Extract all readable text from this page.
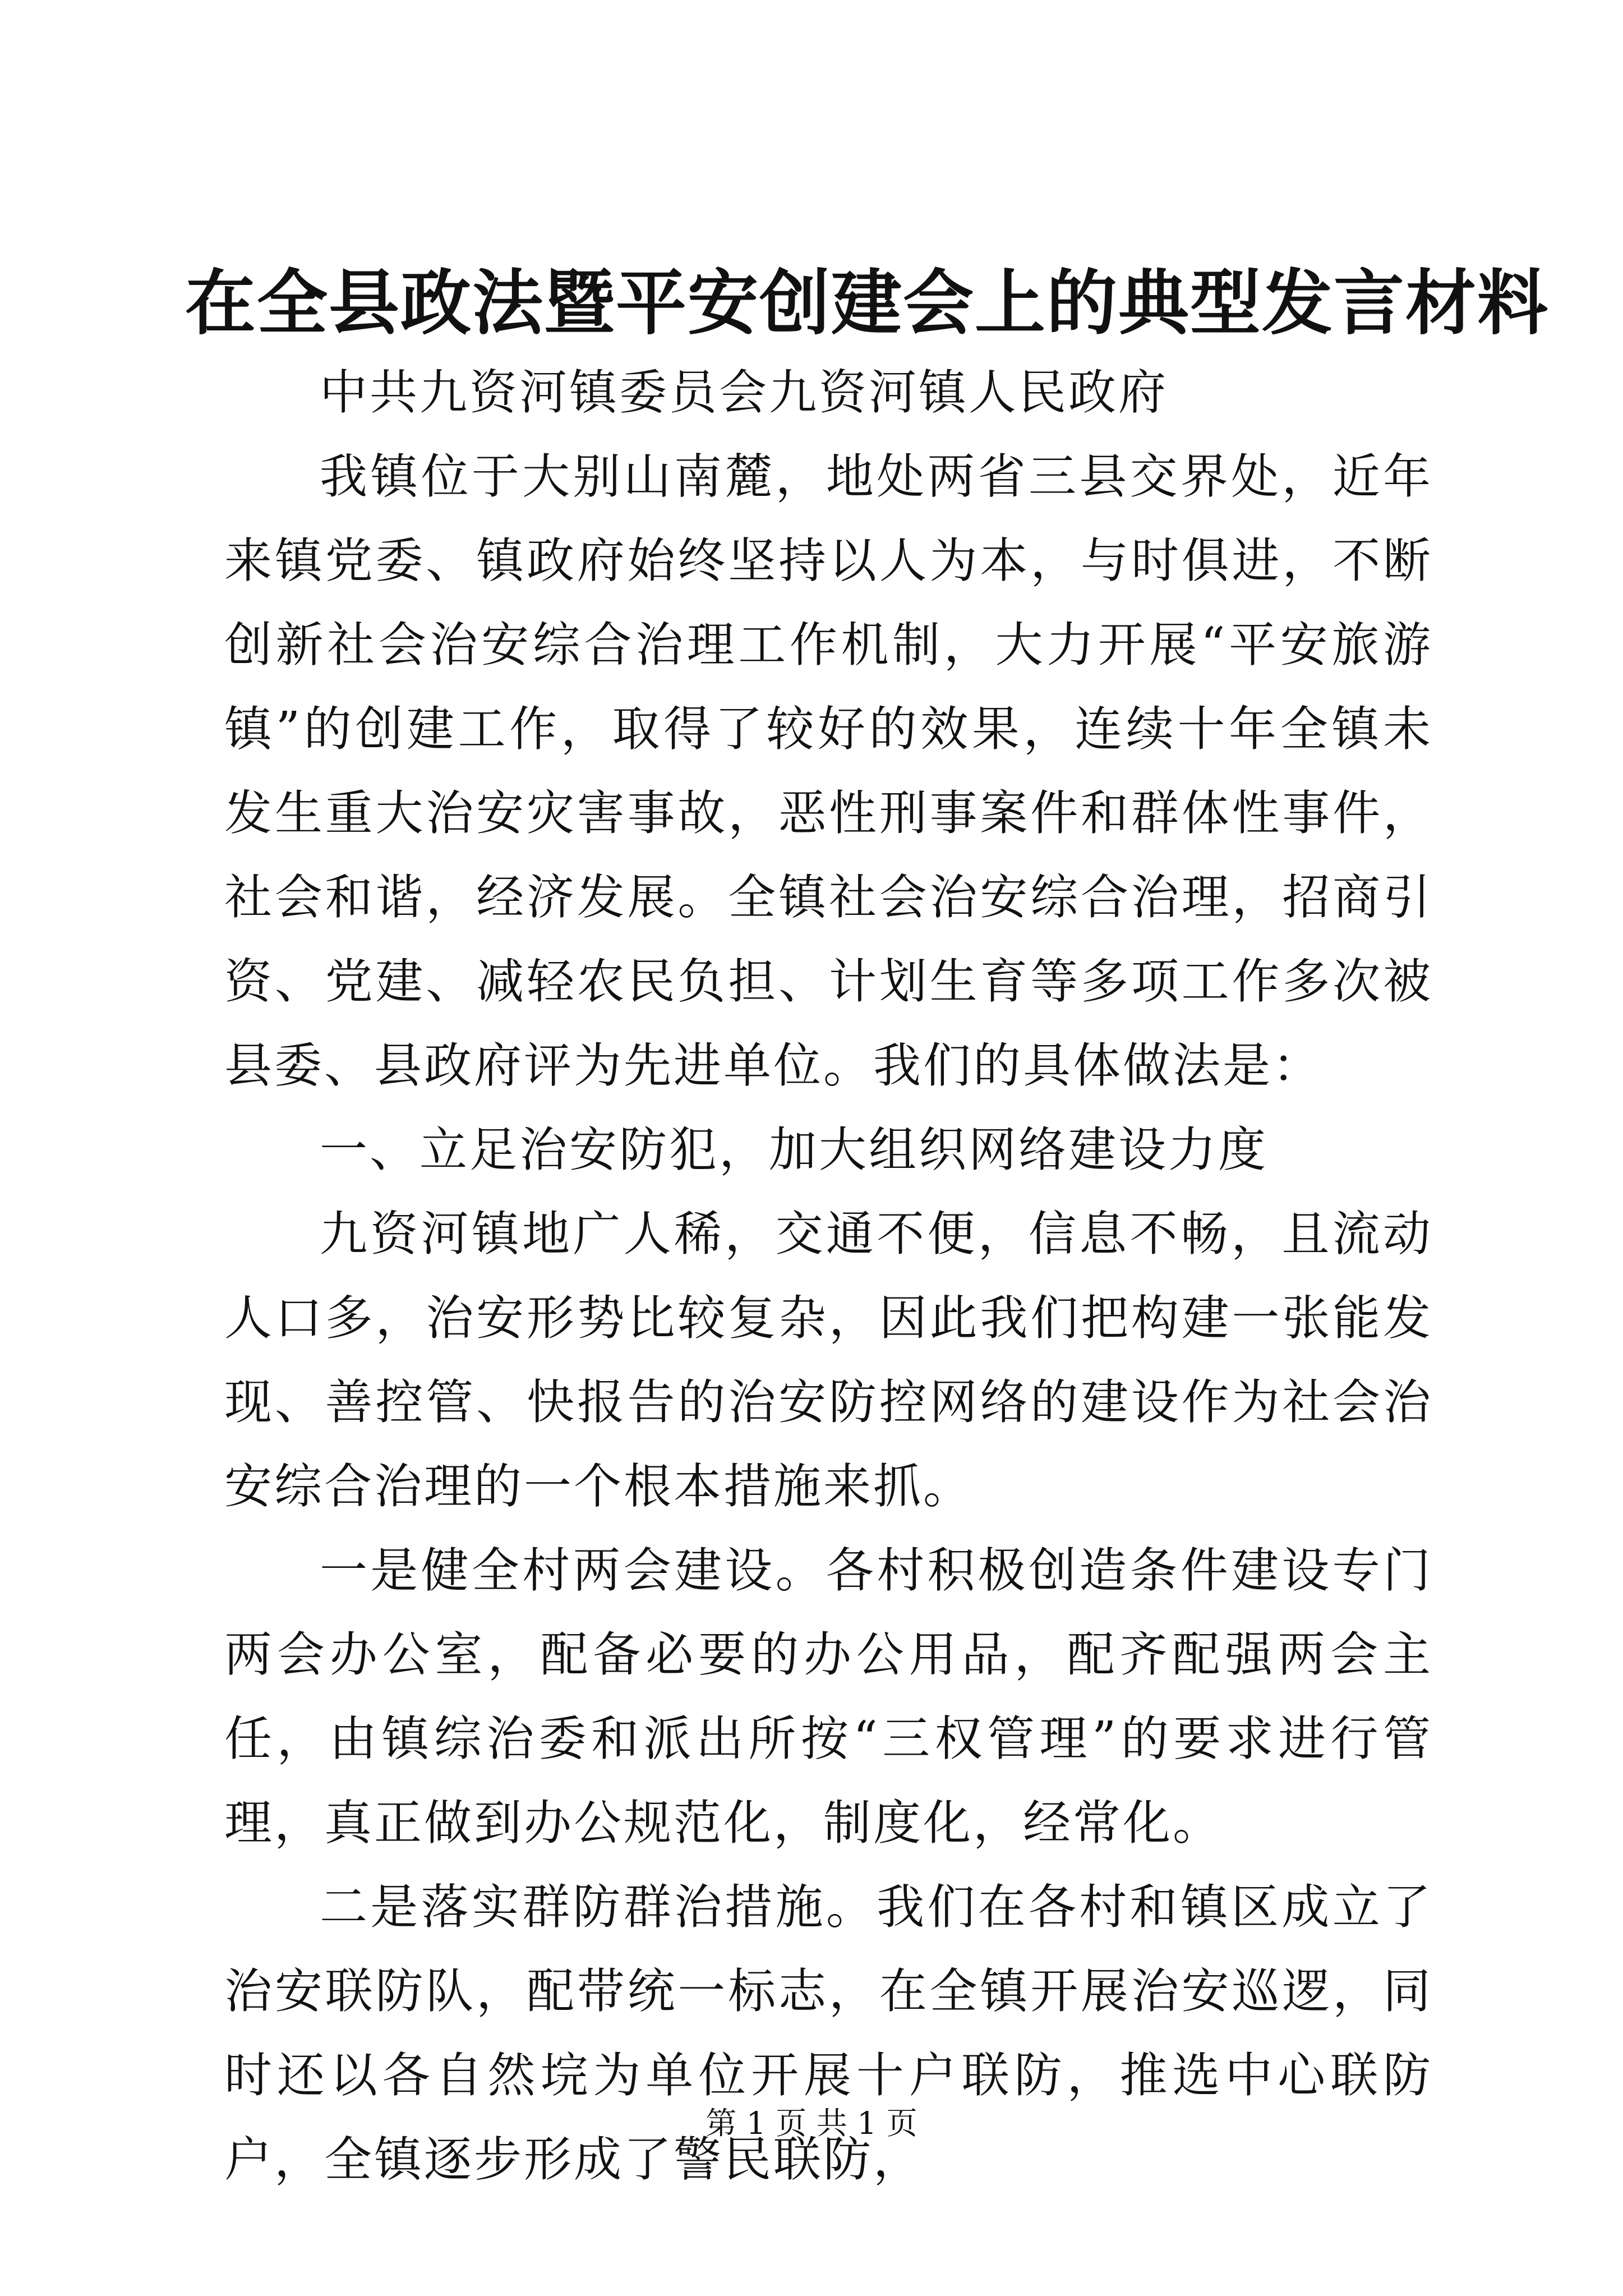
在全县政法暨平安创建会上的典型发言材料

中共九资河镇委员会九资河镇人民政府

我镇位于大别山南麓，地处两省三县交界处，近年来镇党委、镇政府始终坚持以人为本，与时俱进，不断创新社会治安综合治理工作机制，大力开展“平安旅游镇”的创建工作，取得了较好的效果，连续十年全镇未发生重大治安灾害事故，恶性刑事案件和群体性事件，社会和谐，经济发展。全镇社会治安综合治理，招商引资、党建、减轻农民负担、计划生育等多项工作多次被县委、县政府评为先进单位。我们的具体做法是：

一、立足治安防犯，加大组织网络建设力度

九资河镇地广人稀，交通不便，信息不畅，且流动人口多，治安形势比较复杂，因此我们把构建一张能发现、善控管、快报告的治安防控网络的建设作为社会治安综合治理的一个根本措施来抓。

一是健全村两会建设。各村积极创造条件建设专门两会办公室，配备必要的办公用品，配齐配强两会主任，由镇综治委和派出所按“三权管理”的要求进行管理，真正做到办公规范化，制度化，经常化。

二是落实群防群治措施。我们在各村和镇区成立了治安联防队，配带统一标志，在全镇开展治安巡逻，同时还以各自然垸为单位开展十户联防，推选中心联防户，全镇逐步形成了警民联防，

第 1 页 共 1 页
